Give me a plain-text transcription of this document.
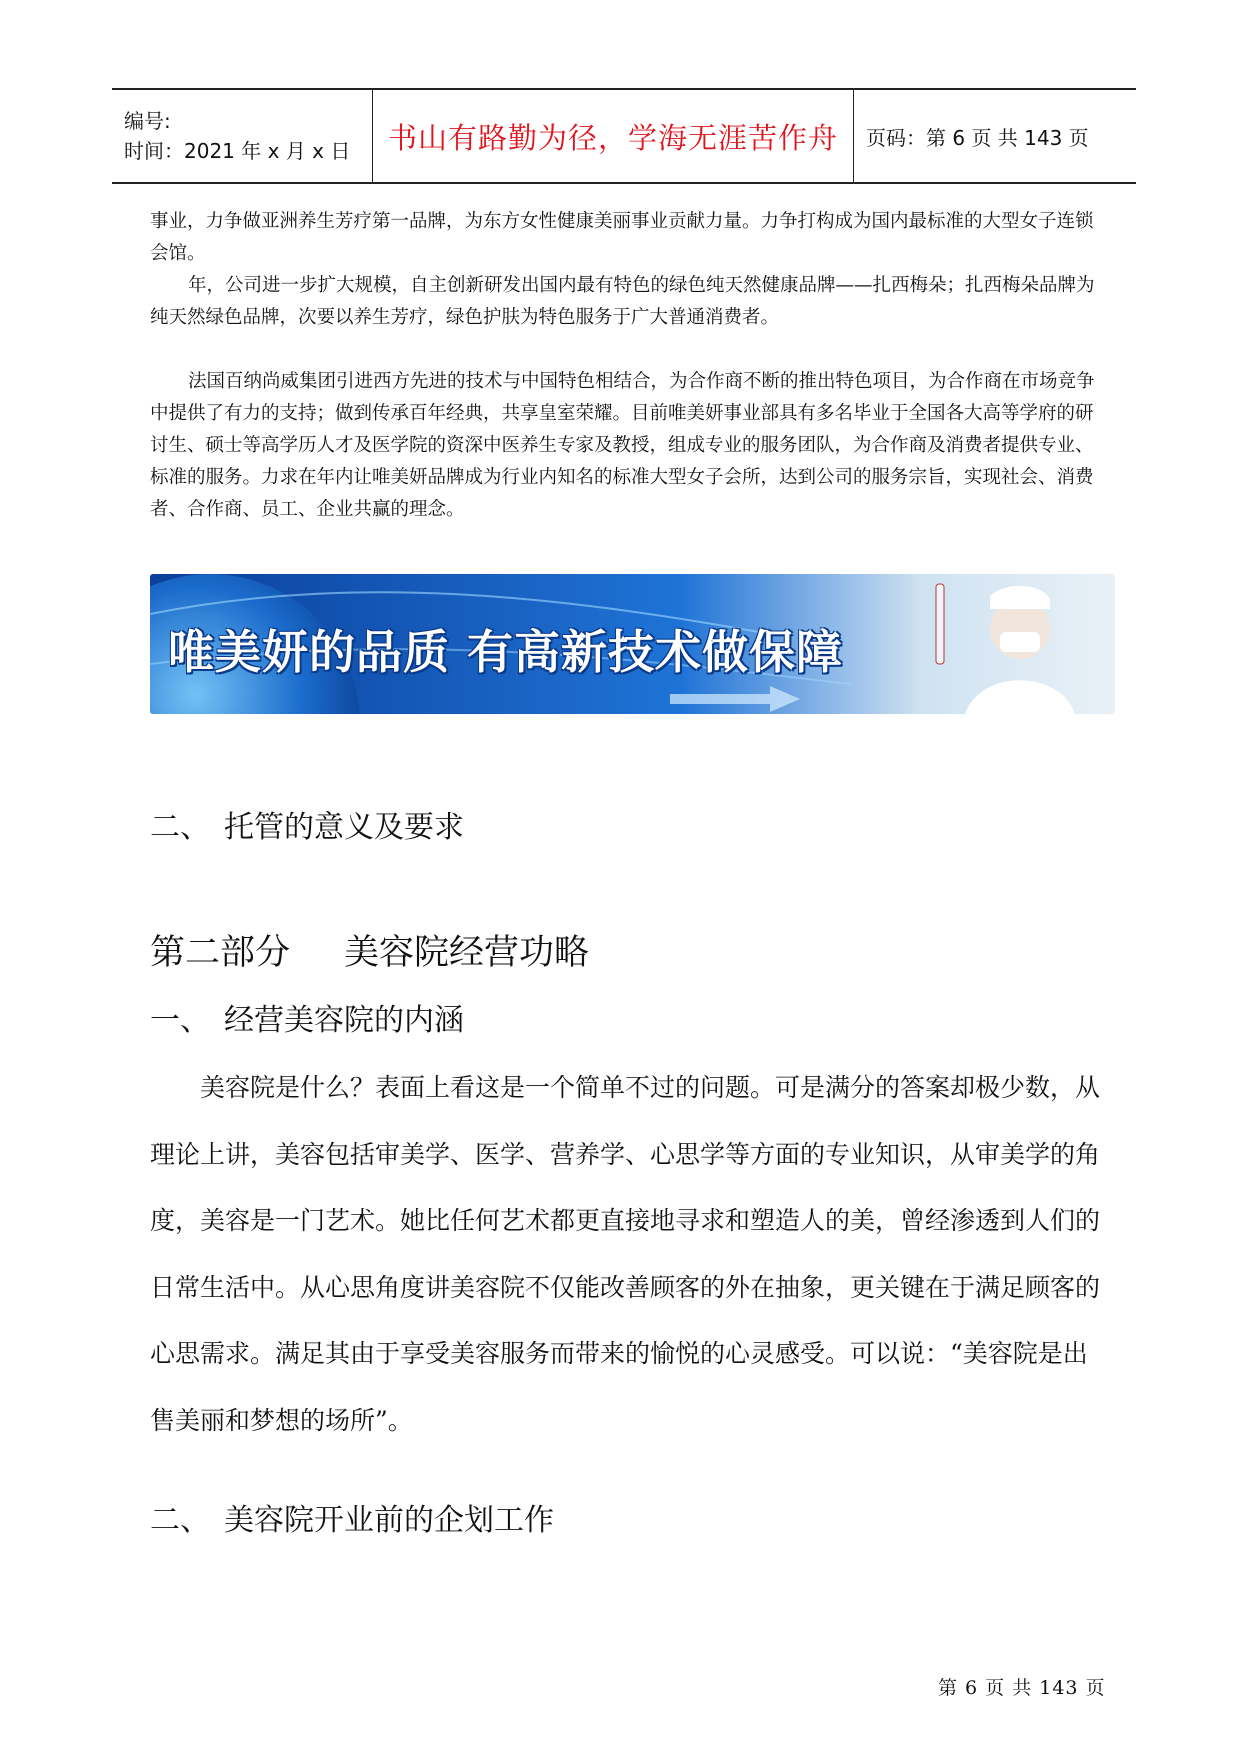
编号:
时间：2021 年 x 月 x 日	书山有路勤为径，学海无涯苦作舟 页码：第 6 页 共 143 页

事业，力争做亚洲养生芳疗第一品牌，为东方女性健康美丽事业贡献力量。力争打构成为国内最标准的大型女子连锁会馆。

年，公司进一步扩大规模，自主创新研发出国内最有特色的绿色纯天然健康品牌——扎西梅朵；扎西梅朵品牌为纯天然绿色品牌，次要以养生芳疗，绿色护肤为特色服务于广大普通消费者。

法国百纳尚威集团引进西方先进的技术与中国特色相结合，为合作商不断的推出特色项目，为合作商在市场竞争中提供了有力的支持；做到传承百年经典，共享皇室荣耀。目前唯美妍事业部具有多名毕业于全国各大高等学府的研讨生、硕士等高学历人才及医学院的资深中医养生专家及教授，组成专业的服务团队，为合作商及消费者提供专业、标准的服务。力求在年内让唯美妍品牌成为行业内知名的标准大型女子会所，达到公司的服务宗旨，实现社会、消费者、合作商、员工、企业共赢的理念。

唯美妍的品质 有高新技术做保障
二、 托管的意义及要求
第二部分	美容院经营功略
一、 经营美容院的内涵

美容院是什么？表面上看这是一个简单不过的问题。可是满分的答案却极少数，从理论上讲，美容包括审美学、医学、营养学、心思学等方面的专业知识，从审美学的角度，美容是一门艺术。她比任何艺术都更直接地寻求和塑造人的美，曾经渗透到人们的日常生活中。从心思角度讲美容院不仅能改善顾客的外在抽象，更关键在于满足顾客的心思需求。满足其由于享受美容服务而带来的愉悦的心灵感受。可以说：“美容院是出售美丽和梦想的场所”。

二、 美容院开业前的企划工作
第 6 页 共 143 页
